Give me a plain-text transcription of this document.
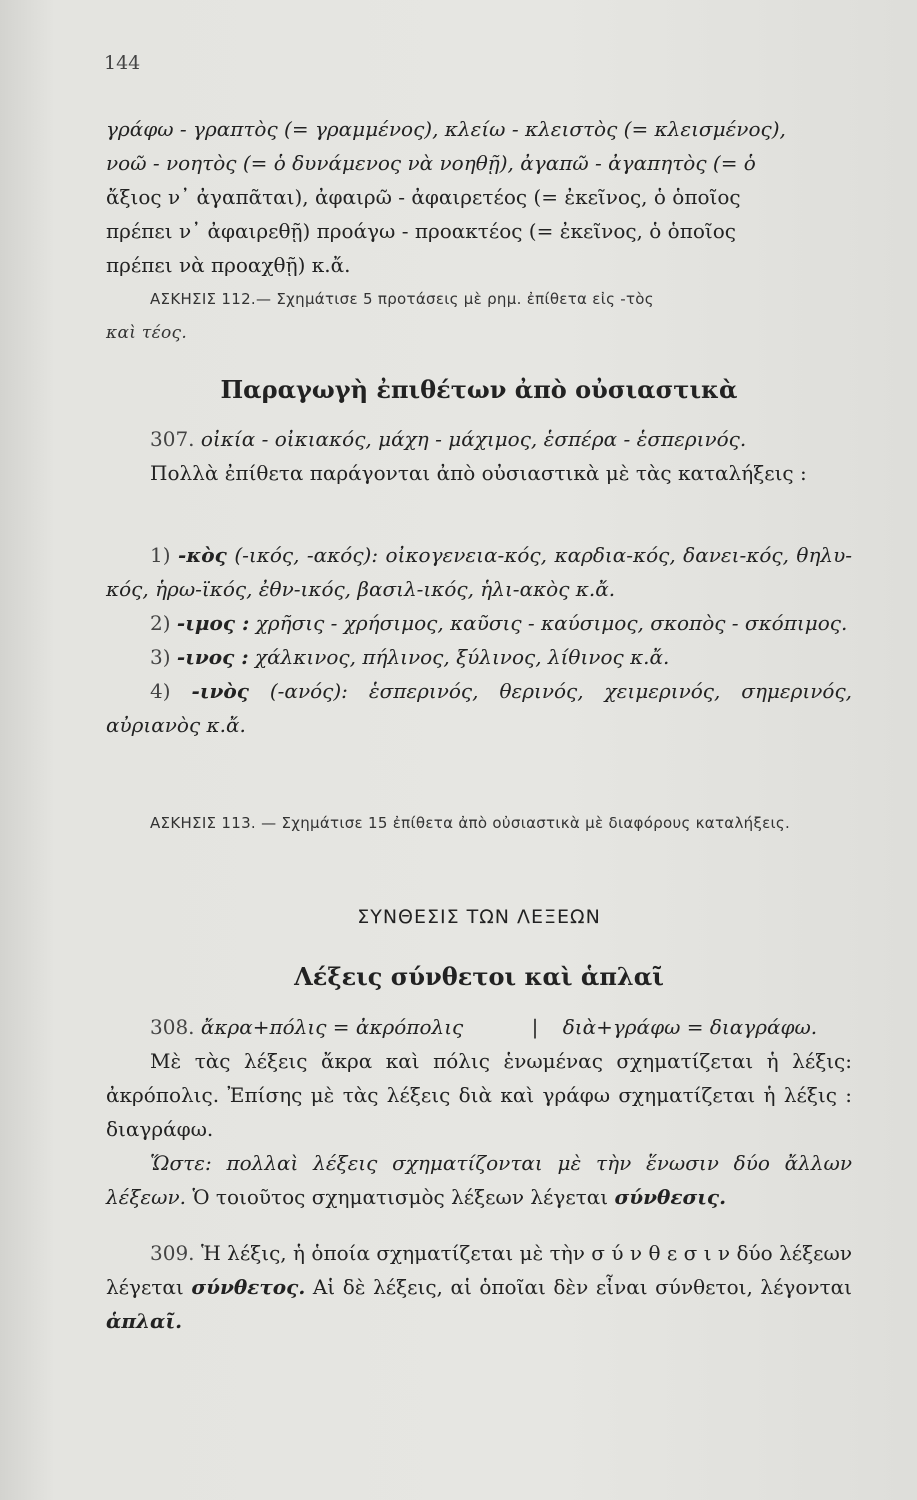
144

γράφω - γραπτὸς (= γραμμένος), κλείω - κλειστὸς (= κλεισμένος),

νοῶ - νοητὸς (= ὁ δυνάμενος νὰ νοηθῇ), ἀγαπῶ - ἀγαπητὸς (= ὁ

ἄξιος ν᾽ ἀγαπᾶται), ἀφαιρῶ - ἀφαιρετέος (= ἐκεῖνος, ὁ ὁποῖος

πρέπει ν᾽ ἀφαιρεθῇ) προάγω - προακτέος (= ἐκεῖνος, ὁ ὁποῖος

πρέπει νὰ προαχθῇ) κ.ἄ.

ΑΣΚΗΣΙΣ 112.— Σχημάτισε 5 προτάσεις μὲ ρημ. ἐπίθετα εἰς -τὸς

καὶ τέος.

Παραγωγὴ ἐπιθέτων ἀπὸ οὐσιαστικὰ

307. οἰκία - οἰκιακός, μάχη - μάχιμος, ἑσπέρα - ἑσπερινός.

Πολλὰ ἐπίθετα παράγονται ἀπὸ οὐσιαστικὰ μὲ τὰς καταλήξεις :

1) -κὸς (-ικός, -ακός): οἰκογενεια-κός, καρδια-κός, δανει-κός, θηλυ-κός, ἡρω-ϊκός, ἐθν-ικός, βασιλ-ικός, ἡλι-ακὸς κ.ἄ.

2) -ιμος : χρῆσις - χρήσιμος, καῦσις - καύσιμος, σκοπὸς - σκόπιμος.

3) -ινος : χάλκινος, πήλινος, ξύλινος, λίθινος κ.ἄ.

4) -ινὸς (-ανός): ἑσπερινός, θερινός, χειμερινός, σημερινός, αὐριανὸς κ.ἄ.

ΑΣΚΗΣΙΣ 113. — Σχημάτισε 15 ἐπίθετα ἀπὸ οὐσιαστικὰ μὲ διαφόρους καταλήξεις.

ΣΥΝΘΕΣΙΣ ΤΩΝ ΛΕΞΕΩΝ
Λέξεις σύνθετοι καὶ ἁπλαῖ

308. ἄκρα+πόλις = ἀκρόπολις	| διὰ+γράφω = διαγράφω.

Μὲ τὰς λέξεις ἄκρα καὶ πόλις ἑνωμένας σχηματίζεται ἡ λέξις: ἀκρόπολις. Ἐπίσης μὲ τὰς λέξεις διὰ καὶ γράφω σχηματίζεται ἡ λέξις : διαγράφω.

Ὥστε: πολλαὶ λέξεις σχηματίζονται μὲ τὴν ἕνωσιν δύο ἄλλων λέξεων. Ὁ τοιοῦτος σχηματισμὸς λέξεων λέγεται σύνθεσις.

309. Ἡ λέξις, ἡ ὁποία σχηματίζεται μὲ τὴν σ ύ ν θ ε σ ι ν δύο λέξεων λέγεται σύνθετος. Αἱ δὲ λέξεις, αἱ ὁποῖαι δὲν εἶναι σύνθετοι, λέγονται ἁπλαῖ.
